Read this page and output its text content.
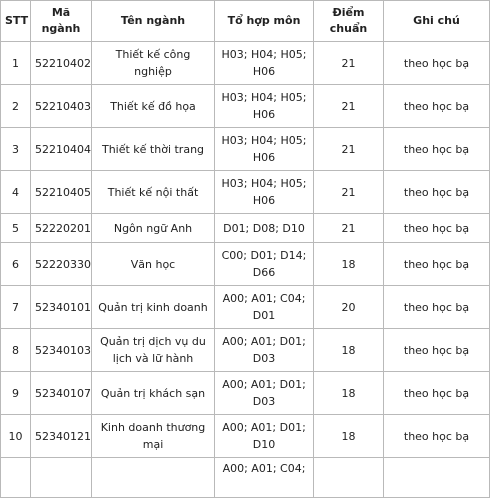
STT	Mã ngành	Tên ngành	Tổ hợp môn	Điểm chuẩn	Ghi chú
1	52210402	Thiết kế công nghiệp	H03; H04; H05; H06	21	theo học bạ
2	52210403	Thiết kế đồ họa	H03; H04; H05; H06	21	theo học bạ
3	52210404	Thiết kế thời trang	H03; H04; H05; H06	21	theo học bạ
4	52210405	Thiết kế nội thất	H03; H04; H05; H06	21	theo học bạ
5	52220201	Ngôn ngữ Anh	D01; D08; D10	21	theo học bạ
6	52220330	Văn học	C00; D01; D14; D66	18	theo học bạ
7	52340101	Quản trị kinh doanh	A00; A01; C04; D01	20	theo học bạ
8	52340103	Quản trị dịch vụ du lịch và lữ hành	A00; A01; D01; D03	18	theo học bạ
9	52340107	Quản trị khách sạn	A00; A01; D01; D03	18	theo học bạ
10	52340121	Kinh doanh thương mại	A00; A01; D01; D10	18	theo học bạ
			A00; A01; C04;		
